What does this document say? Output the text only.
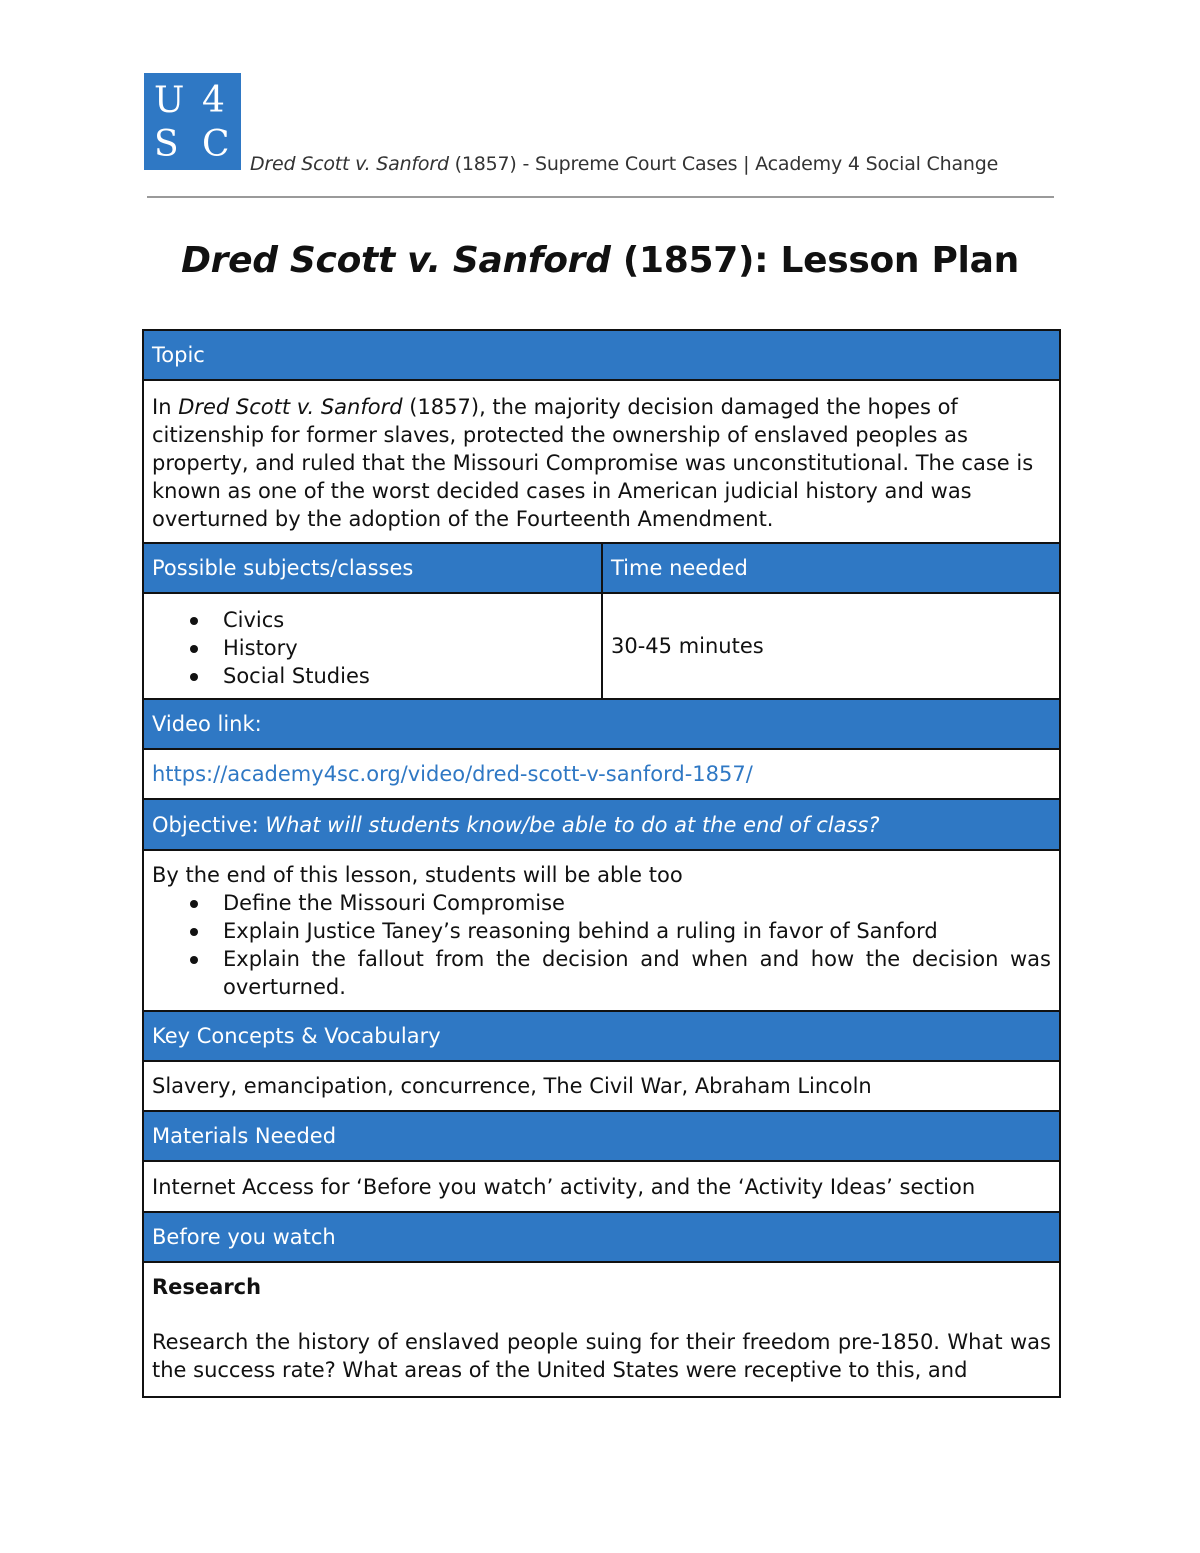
U 4
S C Dred Scott v. Sanford (1857) - Supreme Court Cases | Academy 4 Social Change
Dred Scott v. Sanford (1857): Lesson Plan
Topic
In Dred Scott v. Sanford (1857), the majority decision damaged the hopes of citizenship for former slaves, protected the ownership of enslaved peoples as property, and ruled that the Missouri Compromise was unconstitutional. The case is known as one of the worst decided cases in American judicial history and was overturned by the adoption of the Fourteenth Amendment.
Possible subjects/classes	Time needed
Civics
History
Social Studies
30-45 minutes
Video link:
https://academy4sc.org/video/dred-scott-v-sanford-1857/
Objective: What will students know/be able to do at the end of class?
By the end of this lesson, students will be able too
Define the Missouri Compromise
Explain Justice Taney’s reasoning behind a ruling in favor of Sanford
Explain the fallout from the decision and when and how the decision was overturned.
Key Concepts & Vocabulary
Slavery, emancipation, concurrence, The Civil War, Abraham Lincoln
Materials Needed
Internet Access for ‘Before you watch’ activity, and the ‘Activity Ideas’ section
Before you watch
Research
Research the history of enslaved people suing for their freedom pre-1850. What was the success rate? What areas of the United States were receptive to this, and
